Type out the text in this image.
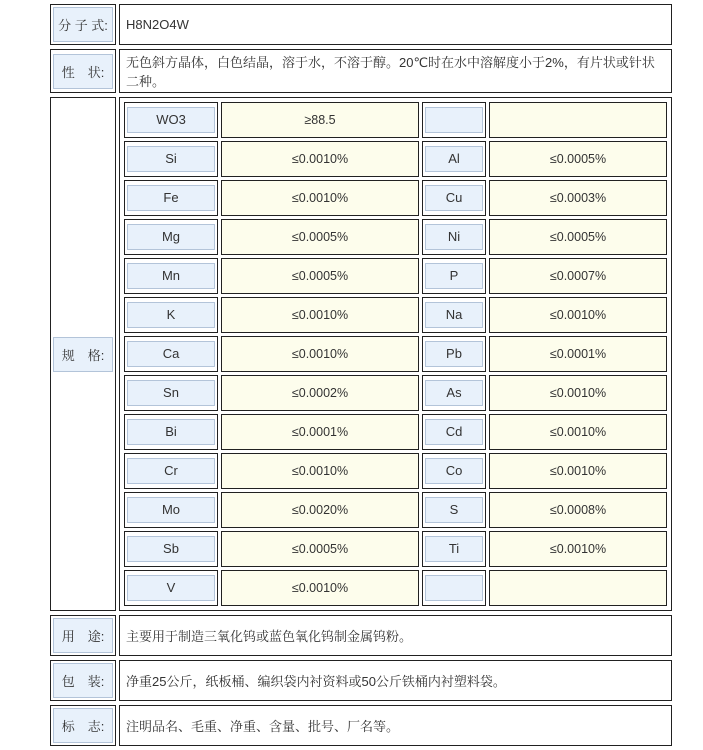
分 子 式:	H8N2O4W

性　状:
	无色斜方晶体，白色结晶，溶于水，不溶于醇。20℃时在水中溶解度小于2%，有片状或针状二种。

规　格:

WO3	≥88.5	

Si	≤0.0010%	Al	≤0.0005%

Fe	≤0.0010%	Cu	≤0.0003%

Mg	≤0.0005%	Ni	≤0.0005%

Mn	≤0.0005%	P	≤0.0007%

K	≤0.0010%	Na	≤0.0010%

Ca	≤0.0010%	Pb	≤0.0001%

Sn	≤0.0002%	As	≤0.0010%

Bi	≤0.0001%	Cd	≤0.0010%

Cr	≤0.0010%	Co	≤0.0010%

Mo	≤0.0020%	S	≤0.0008%

Sb	≤0.0005%	Ti	≤0.0010%

V	≤0.0010%	

用　途:	主要用于制造三氧化钨或蓝色氧化钨制金属钨粉。

包　装:	净重25公斤，纸板桶、编织袋内衬资料或50公斤铁桶内衬塑料袋。

标　志:	注明品名、毛重、净重、含量、批号、厂名等。
